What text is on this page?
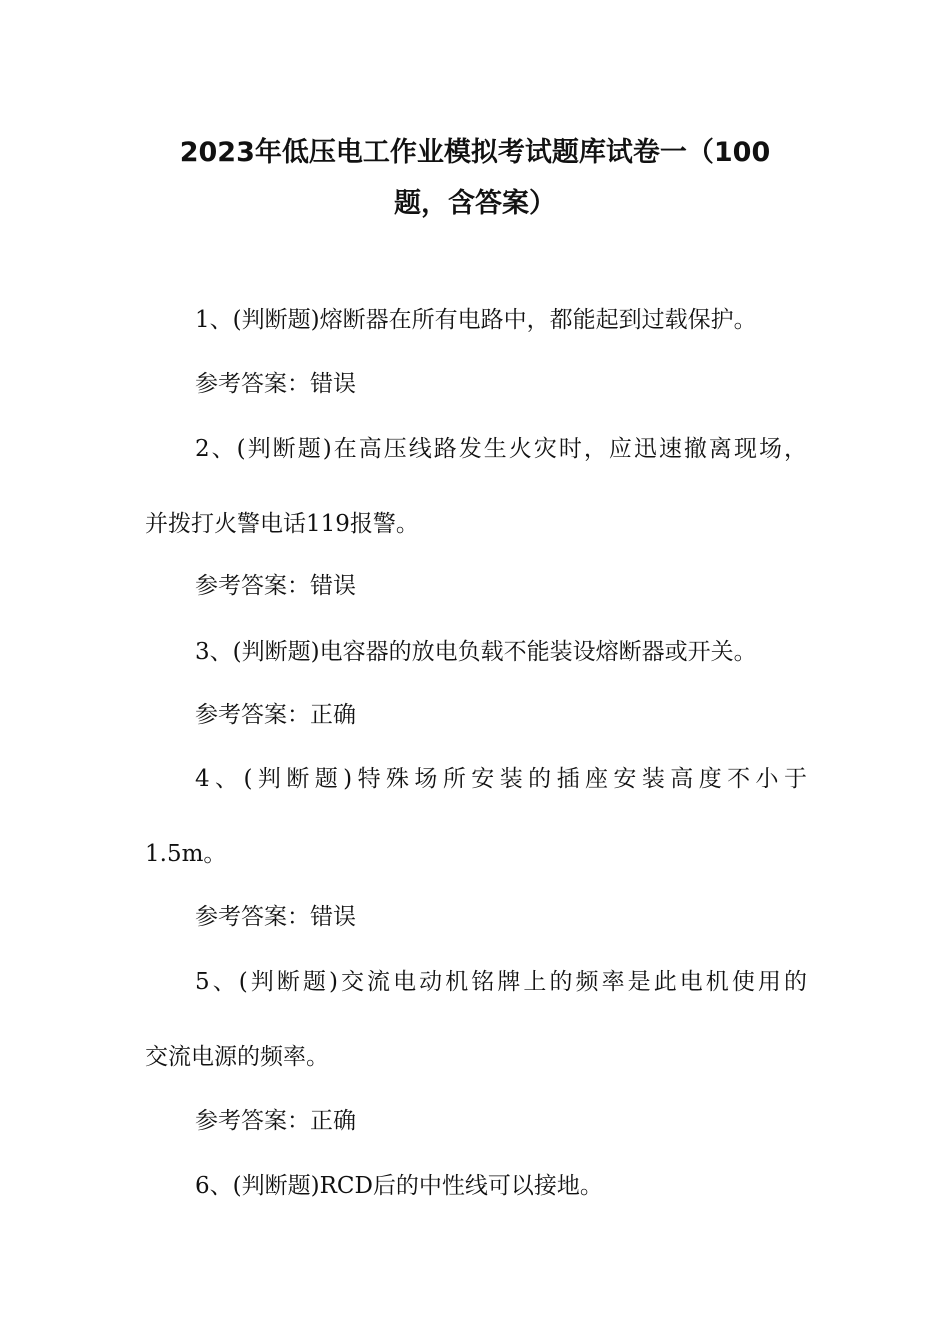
2023年低压电工作业模拟考试题库试卷一（100
题，含答案）

1、(判断题)熔断器在所有电路中，都能起到过载保护。

参考答案：错误

2、(判断题)在高压线路发生火灾时，应迅速撤离现场，

并拨打火警电话119报警。

参考答案：错误

3、(判断题)电容器的放电负载不能装设熔断器或开关。

参考答案：正确

4、(判断题)特殊场所安装的插座安装高度不小于

1.5m。

参考答案：错误

5、(判断题)交流电动机铭牌上的频率是此电机使用的

交流电源的频率。

参考答案：正确

6、(判断题)RCD后的中性线可以接地。
